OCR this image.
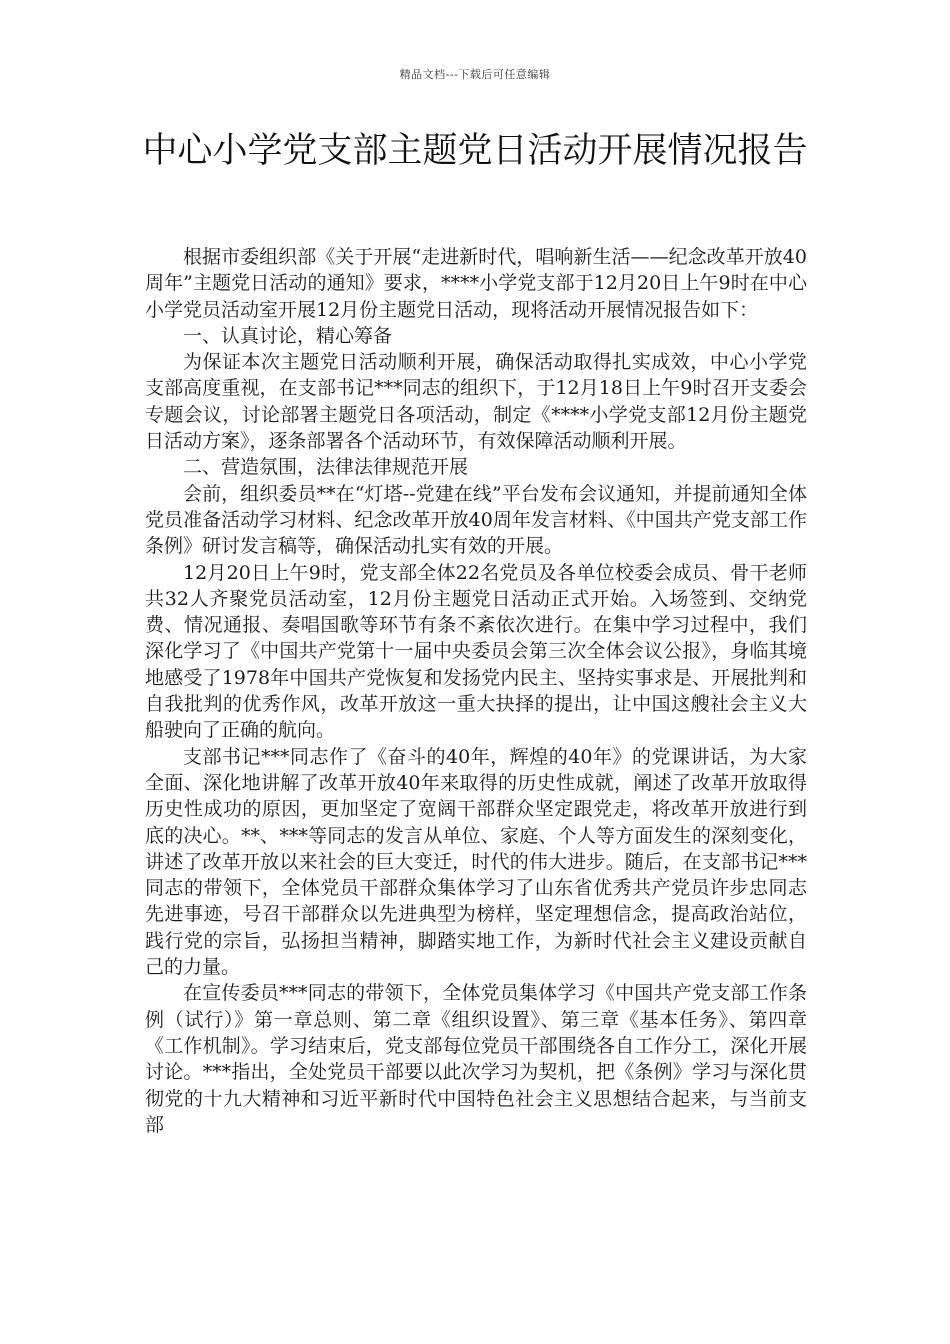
精品文档---下载后可任意编辑
中心小学党支部主题党日活动开展情况报告

根据市委组织部《关于开展“走进新时代，唱响新生活——纪念改革开放40周年”主题党日活动的通知》要求，****小学党支部于12月20日上午9时在中心小学党员活动室开展12月份主题党日活动，现将活动开展情况报告如下：

一、认真讨论，精心筹备

为保证本次主题党日活动顺利开展，确保活动取得扎实成效，中心小学党支部高度重视，在支部书记***同志的组织下，于12月18日上午9时召开支委会专题会议，讨论部署主题党日各项活动，制定《****小学党支部12月份主题党日活动方案》，逐条部署各个活动环节，有效保障活动顺利开展。

二、营造氛围，法律法律规范开展

会前，组织委员**在“灯塔--党建在线”平台发布会议通知，并提前通知全体党员准备活动学习材料、纪念改革开放40周年发言材料、《中国共产党支部工作条例》研讨发言稿等，确保活动扎实有效的开展。

12月20日上午9时，党支部全体22名党员及各单位校委会成员、骨干老师共32人齐聚党员活动室，12月份主题党日活动正式开始。入场签到、交纳党费、情况通报、奏唱国歌等环节有条不紊依次进行。在集中学习过程中，我们深化学习了《中国共产党第十一届中央委员会第三次全体会议公报》，身临其境地感受了1978年中国共产党恢复和发扬党内民主、坚持实事求是、开展批判和自我批判的优秀作风，改革开放这一重大抉择的提出，让中国这艘社会主义大船驶向了正确的航向。

支部书记***同志作了《奋斗的40年，辉煌的40年》的党课讲话，为大家全面、深化地讲解了改革开放40年来取得的历史性成就，阐述了改革开放取得历史性成功的原因，更加坚定了宽阔干部群众坚定跟党走，将改革开放进行到底的决心。**、***等同志的发言从单位、家庭、个人等方面发生的深刻变化，讲述了改革开放以来社会的巨大变迁，时代的伟大进步。随后，在支部书记***同志的带领下，全体党员干部群众集体学习了山东省优秀共产党员许步忠同志先进事迹，号召干部群众以先进典型为榜样，坚定理想信念，提高政治站位，践行党的宗旨，弘扬担当精神，脚踏实地工作，为新时代社会主义建设贡献自己的力量。

在宣传委员***同志的带领下，全体党员集体学习《中国共产党支部工作条例（试行）》第一章总则、第二章《组织设置》、第三章《基本任务》、第四章《工作机制》。学习结束后，党支部每位党员干部围绕各自工作分工，深化开展讨论。***指出，全处党员干部要以此次学习为契机，把《条例》学习与深化贯彻党的十九大精神和习近平新时代中国特色社会主义思想结合起来，与当前支部
